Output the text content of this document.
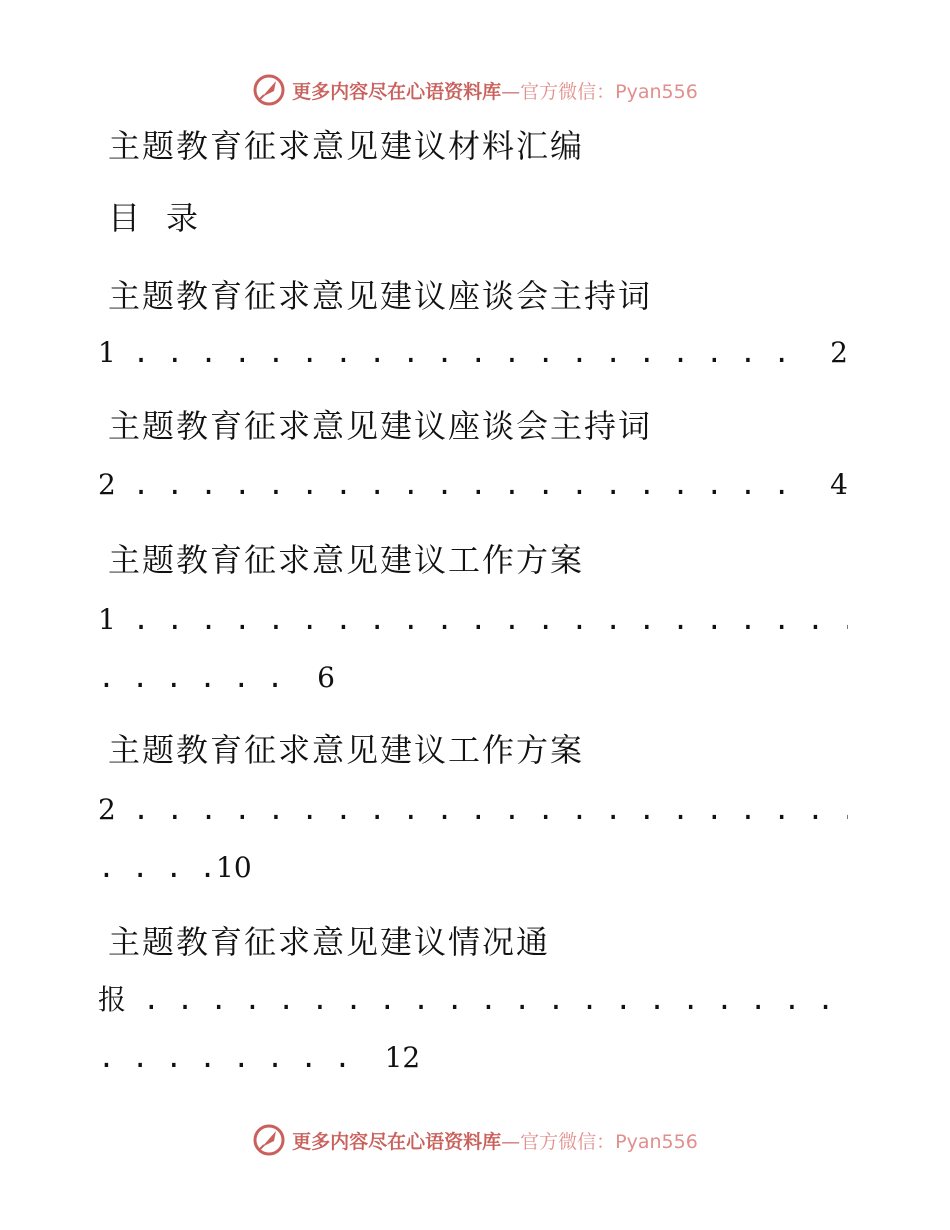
更多内容尽在心语资料库—官方微信：Pyan556
主题教育征求意见建议材料汇编
目 录
主题教育征求意见建议座谈会主持词
1 . . .	2
主题教育征求意见建议座谈会主持词
2 . . .	4
主题教育征求意见建议工作方案
1 . . .
. . . . . .  6
主题教育征求意见建议工作方案
2 . . .
. . . .10
主题教育征求意见建议情况通
报 . . .
. . . . . . . .  12
更多内容尽在心语资料库—官方微信：Pyan556
